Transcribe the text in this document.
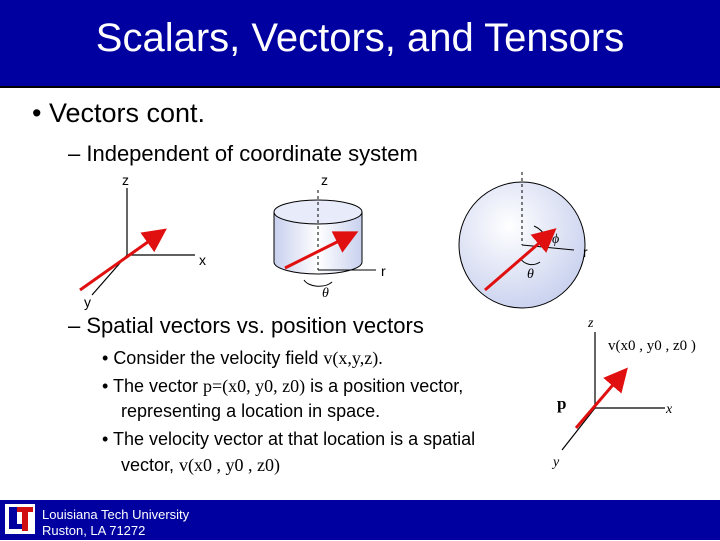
Scalars, Vectors, and Tensors
• Vectors cont.
– Independent of coordinate system
– Spatial vectors vs. position vectors
• Consider the velocity field v(x,y,z).
• The vector p=(x0, y0, z0) is a position vector,
representing a location in space.
• The velocity vector at that location is a spatial
vector, v(x0 , y0 , z0)
z
x
y
z
r
θ
ϕ
r
θ
z
x
y
p
v(x0 , y0 , z0 )
Louisiana Tech University
Ruston, LA 71272
